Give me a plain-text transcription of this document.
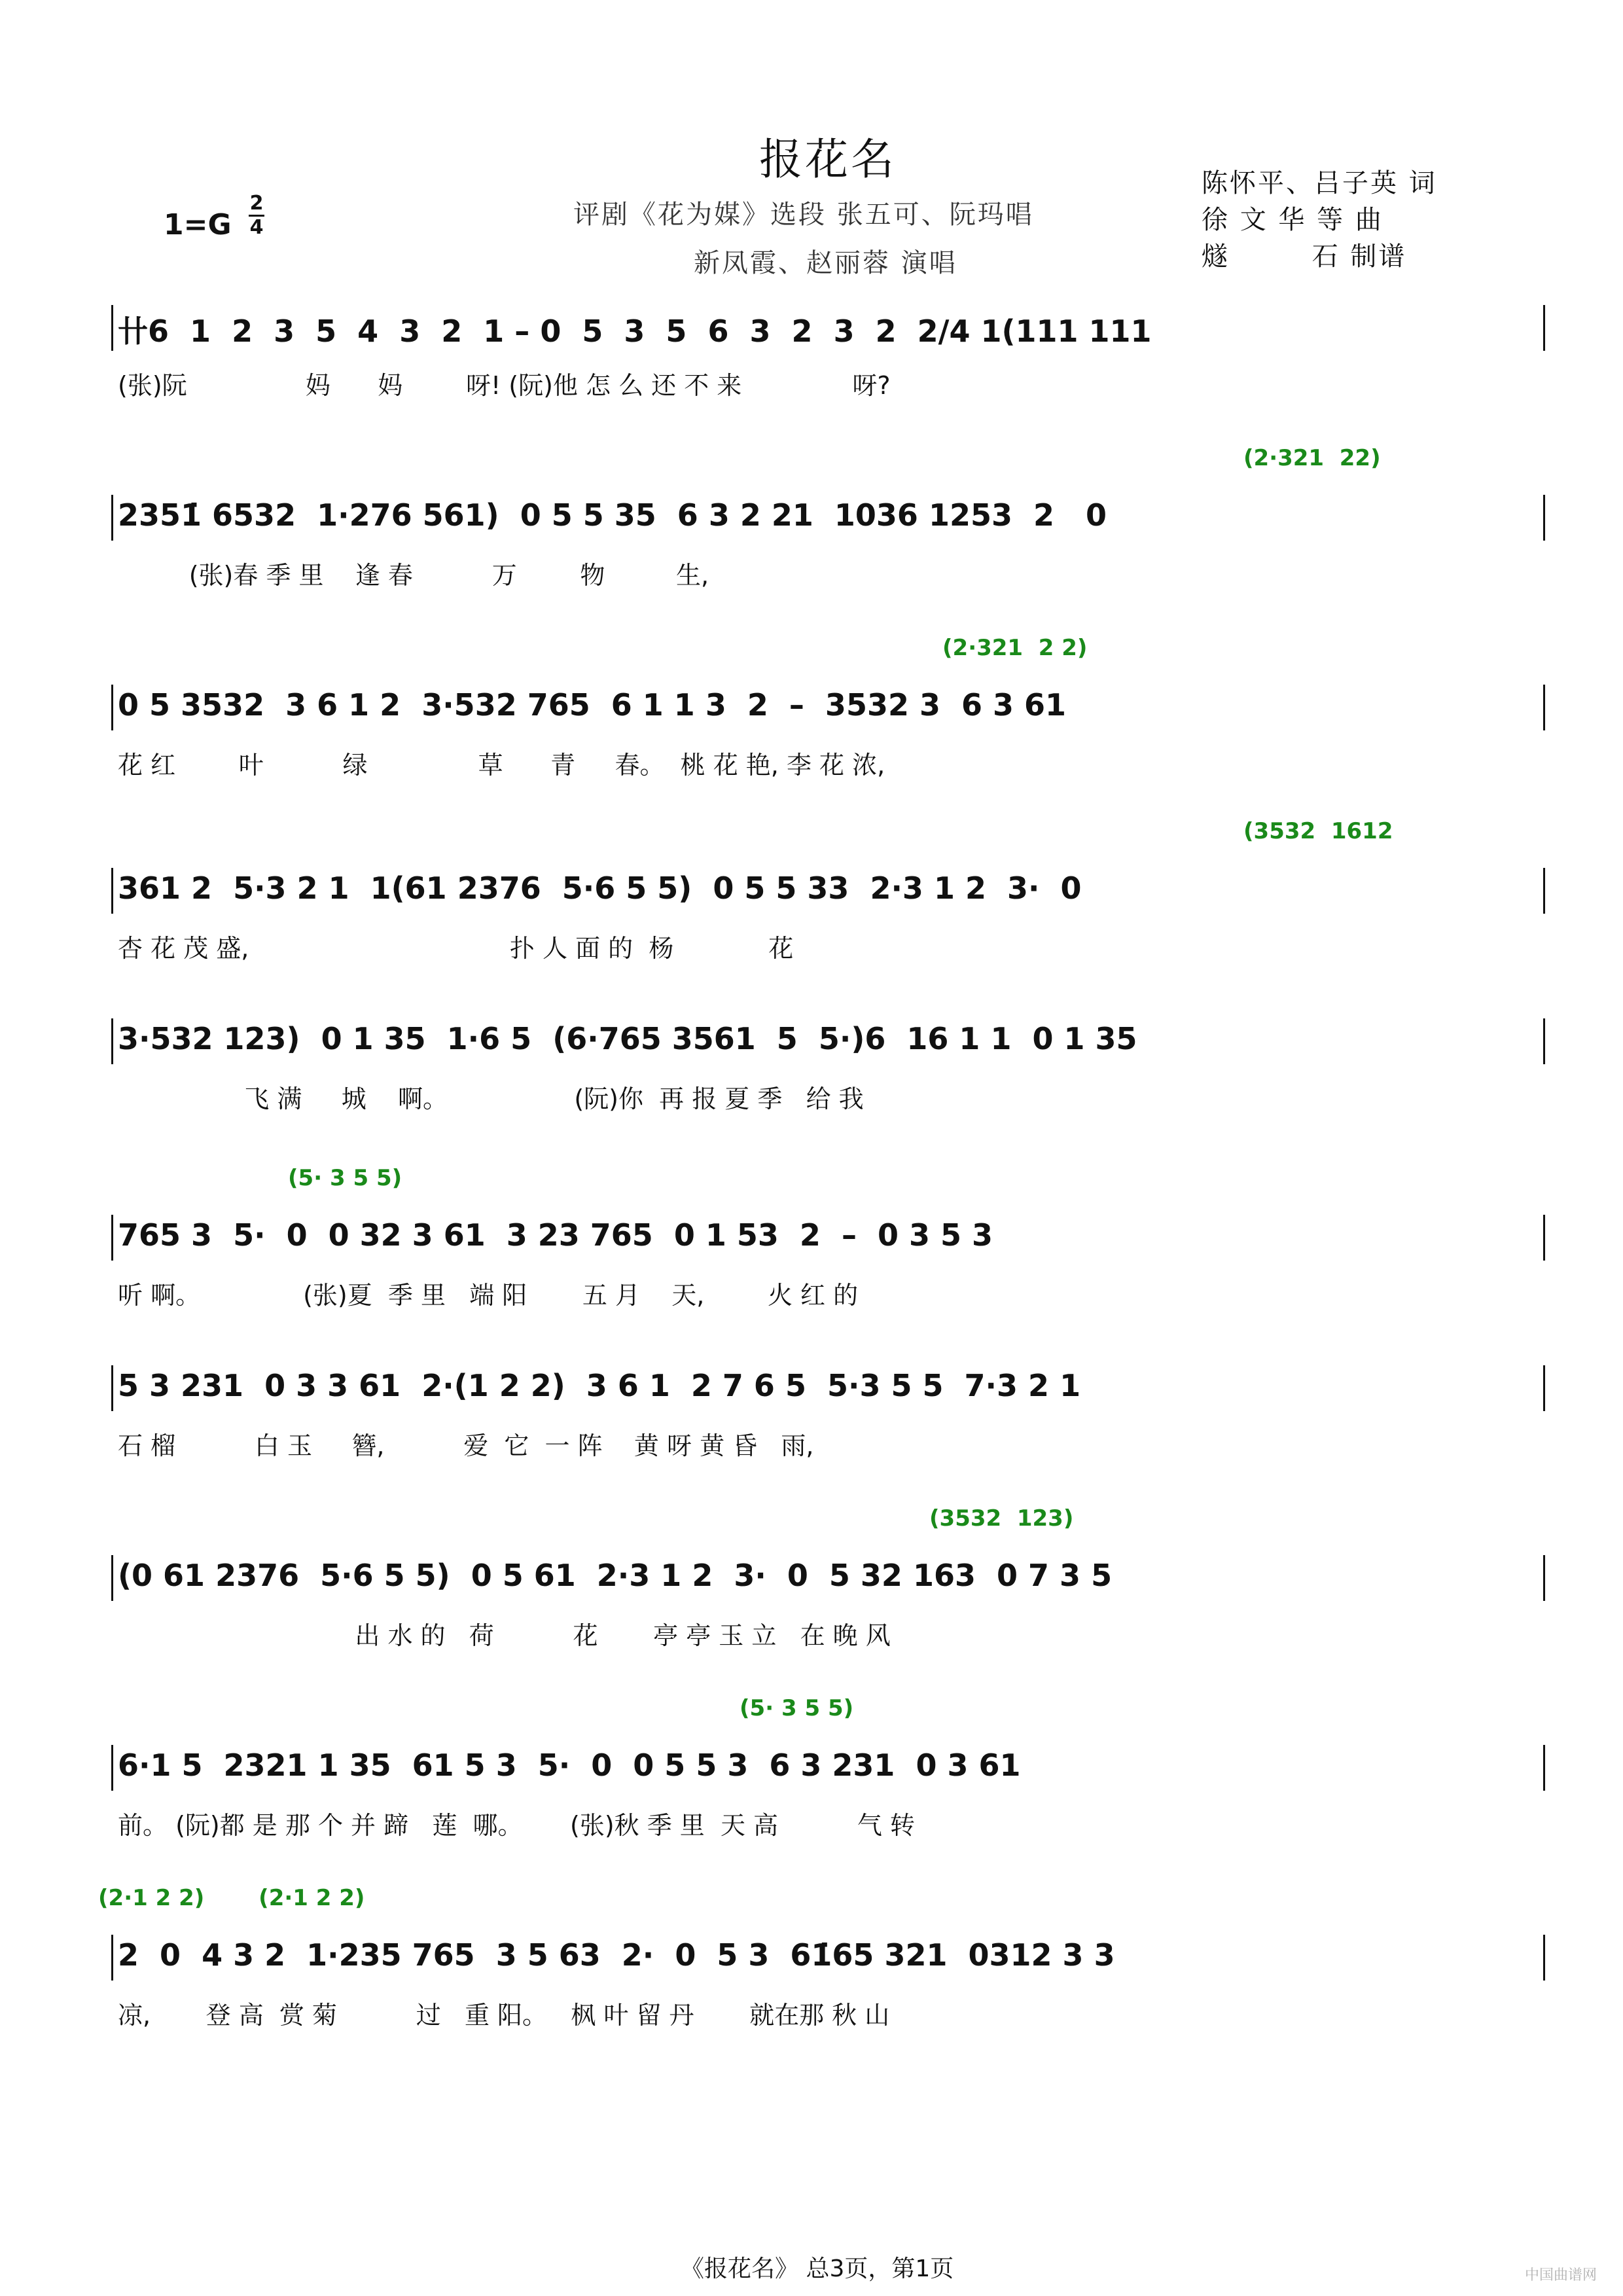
报花名
1=G
2
4	评剧《花为媒》选段 张五可、阮玛唱
新凤霞、赵丽蓉 演唱
陈怀平、吕子英 词
徐 文 华 等 曲
燧        石 制谱
卄6  1  2  3  5  4  3  2  1 – 0  5  3  5  6  3  2  3  2  2/4 1(111 111
(张)阮               妈      妈        呀! (阮)他 怎 么 还 不 来              呀?
(2·321  22)
2351̇ 6532  1·276 561)  0 5 5 35  6 3 2 21  1036 1253  2   0
(张)春 季 里    逢 春          万        物         生,
(2·321  2 2)
0 5 3532  3 6 1 2  3·532 765  6 1 1 3  2  –  3532 3  6 3 61
花 红        叶          绿              草      青     春。  桃 花 艳, 李 花 浓,
(3532  1612
361 2  5·3 2 1  1(61 2376  5·6 5 5)  0 5 5 33  2·3 1 2  3·  0
杏 花 茂 盛,                                 扑 人 面 的  杨            花
3·532 123)  0 1 35  1·6 5  (6·765 3561  5  5·)6  16 1 1  0 1 35
飞 满     城    啊。                (阮)你  再 报 夏 季   给 我
(5· 3 5 5)
765 3  5·  0  0 32 3 61  3 23 765  0 1 53  2  –  0 3 5 3
听 啊。             (张)夏  季 里   端 阳       五 月    天,        火 红 的
5 3 231  0 3 3 61  2·(1 2 2)  3 6 1  2 7 6 5  5·3 5 5  7·3 2 1
石 榴          白 玉     簪,          爱  它  一 阵    黄 呀 黄 昏   雨,
(3532  123)
(0 61 2376  5·6 5 5)  0 5 61  2·3 1 2  3·  0  5 32 163  0 7 3 5
出 水 的   荷          花       亭 亭 玉 立   在 晚 风
(5· 3 5 5)
6·1 5  2321 1 35  61 5 3  5·  0  0 5 5 3  6 3 231  0 3 61
前。 (阮)都 是 那 个 并 蹄   莲  哪。      (张)秋 季 里  天 高          气 转
(2·1 2 2)       (2·1 2 2)
2  0  4 3 2  1·235 765  3 5 63  2·  0  5 3  61̇65 321  0312 3 3
凉,       登 高  赏 菊          过   重 阳。   枫 叶 留 丹       就在那 秋 山
《报花名》 总3页，第1页	中国曲谱网
